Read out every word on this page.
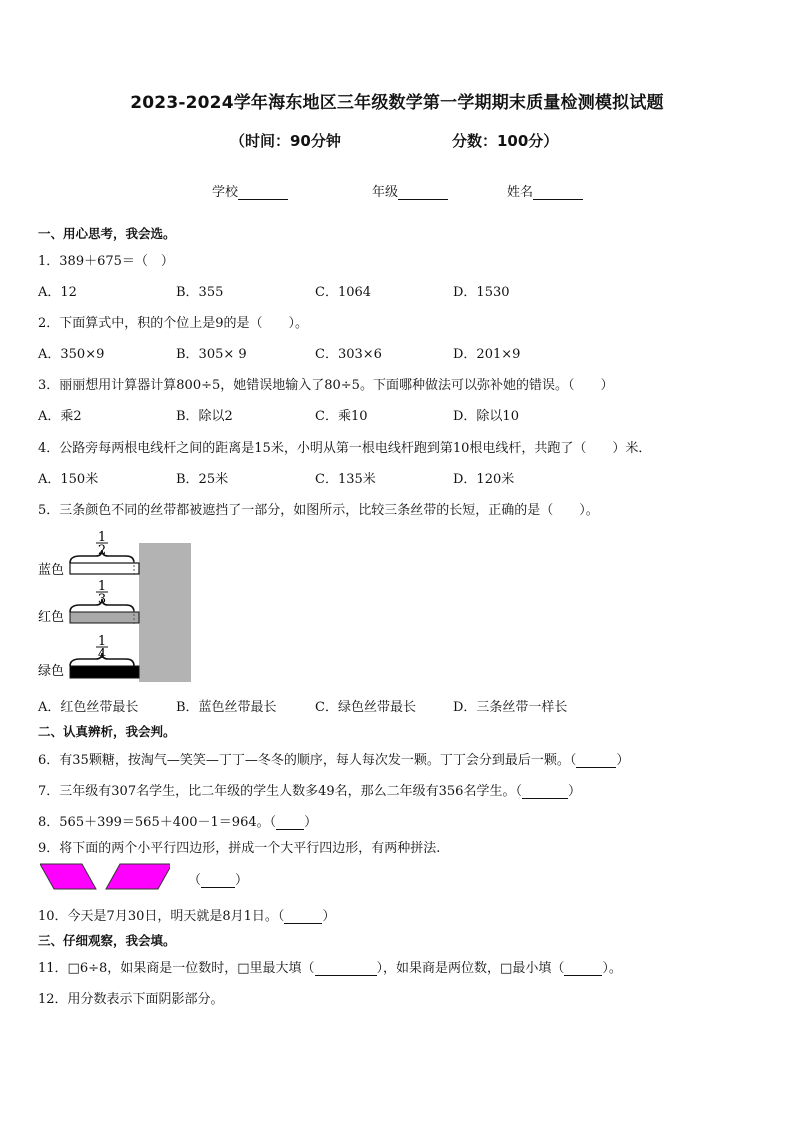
2023-2024学年海东地区三年级数学第一学期期末质量检测模拟试题
（时间：90分钟	分数：100分）
学校	年级	姓名
一、用心思考，我会选。
1．389＋675＝（　）
A．12	B．355	C．1064	D．1530
2．下面算式中，积的个位上是9的是（　　）。
A．350×9	B．305× 9	C．303×6	D．201×9
3．丽丽想用计算器计算800÷5，她错误地输入了80÷5。下面哪种做法可以弥补她的错误。（　　）
A．乘2	B．除以2	C．乘10	D．除以10
4．公路旁每两根电线杆之间的距离是15米，小明从第一根电线杆跑到第10根电线杆，共跑了（　　）米．
A．150米	B．25米	C．135米	D．120米
5．三条颜色不同的丝带都被遮挡了一部分，如图所示，比较三条丝带的长短，正确的是（　　）。
1
2
蓝色
1
3
红色
1
4
绿色
A．红色丝带最长	B．蓝色丝带最长	C．绿色丝带最长	D．三条丝带一样长
二、认真辨析，我会判。
6．有35颗糖，按淘气—笑笑—丁丁—冬冬的顺序，每人每次发一颗。丁丁会分到最后一颗。（	）
7．三年级有307名学生，比二年级的学生人数多49名，那么二年级有356名学生。（	）
8．565＋399＝565＋400－1＝964。（ ）
9．将下面的两个小平行四边形，拼成一个大平行四边形，有两种拼法.
（	）
10．今天是7月30日，明天就是8月1日。（	）
三、仔细观察，我会填。
11．□6÷8，如果商是一位数时，□里最大填（	），如果商是两位数，□最小填（	）。
12．用分数表示下面阴影部分。
